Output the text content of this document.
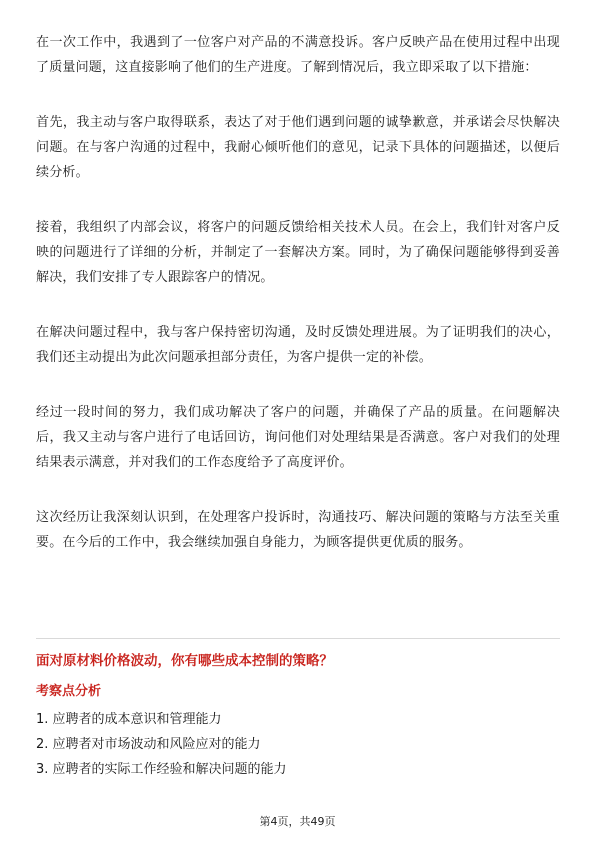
在一次工作中，我遇到了一位客户对产品的不满意投诉。客户反映产品在使用过程中出现了质量问题，这直接影响了他们的生产进度。了解到情况后，我立即采取了以下措施：

首先，我主动与客户取得联系，表达了对于他们遇到问题的诚挚歉意，并承诺会尽快解决问题。在与客户沟通的过程中，我耐心倾听他们的意见，记录下具体的问题描述，以便后续分析。

接着，我组织了内部会议，将客户的问题反馈给相关技术人员。在会上，我们针对客户反映的问题进行了详细的分析，并制定了一套解决方案。同时，为了确保问题能够得到妥善解决，我们安排了专人跟踪客户的情况。

在解决问题过程中，我与客户保持密切沟通，及时反馈处理进展。为了证明我们的决心，我们还主动提出为此次问题承担部分责任，为客户提供一定的补偿。

经过一段时间的努力，我们成功解决了客户的问题，并确保了产品的质量。在问题解决后，我又主动与客户进行了电话回访，询问他们对处理结果是否满意。客户对我们的处理结果表示满意，并对我们的工作态度给予了高度评价。

这次经历让我深刻认识到，在处理客户投诉时，沟通技巧、解决问题的策略与方法至关重要。在今后的工作中，我会继续加强自身能力，为顾客提供更优质的服务。

面对原材料价格波动，你有哪些成本控制的策略？
考察点分析
1. 应聘者的成本意识和管理能力
2. 应聘者对市场波动和风险应对的能力
3. 应聘者的实际工作经验和解决问题的能力
第4页，共49页
